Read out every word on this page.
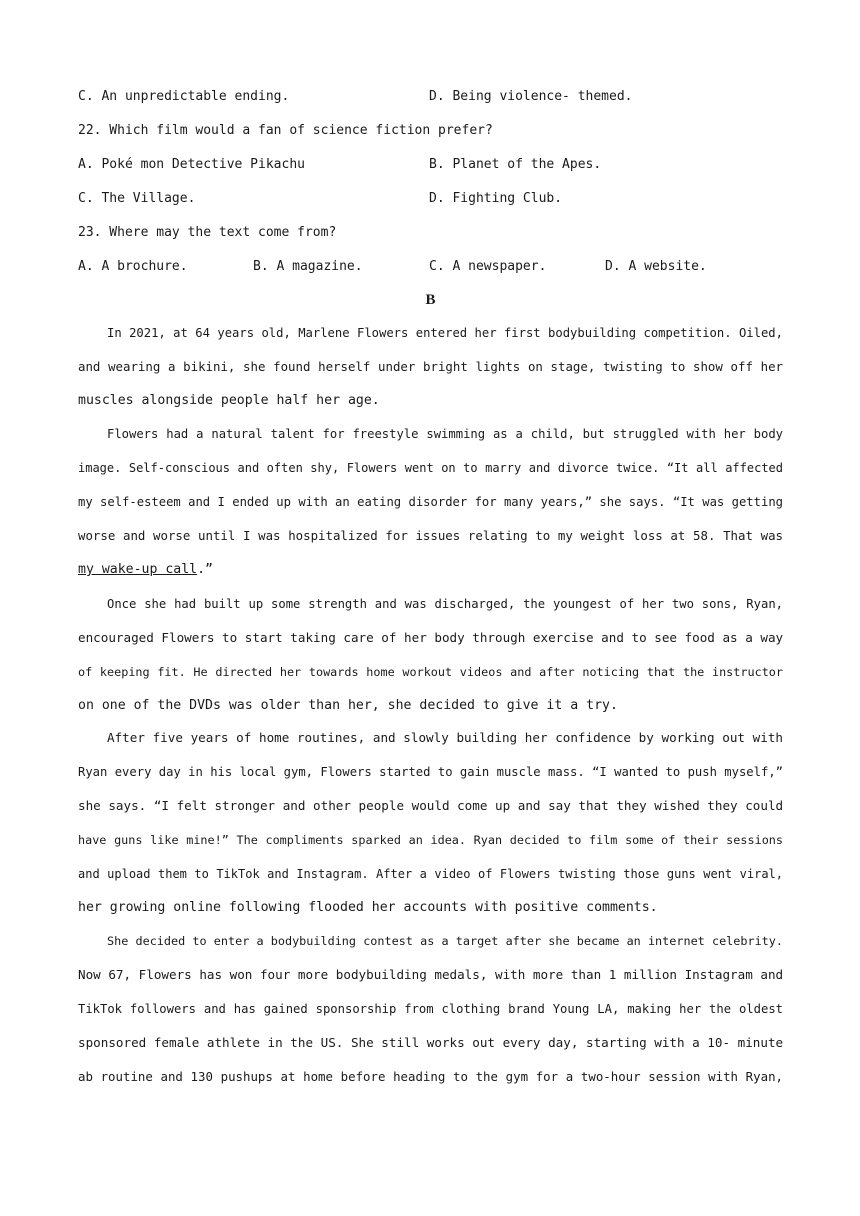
C. An unpredictable ending.	D. Being violence- themed.
22. Which film would a fan of science fiction prefer?
A. Poké mon Detective Pikachu	B. Planet of the Apes.
C. The Village.	D. Fighting Club.
23. Where may the text come from?
A. A brochure.	B. A magazine.	C. A newspaper.	D. A website.
B
In 2021, at 64 years old, Marlene Flowers entered her first bodybuilding competition. Oiled,
and wearing a bikini, she found herself under bright lights on stage, twisting to show off her
muscles alongside people half her age.
Flowers had a natural talent for freestyle swimming as a child, but struggled with her body
image. Self-conscious and often shy, Flowers went on to marry and divorce twice. “It all affected
my self-esteem and I ended up with an eating disorder for many years,” she says. “It was getting
worse and worse until I was hospitalized for issues relating to my weight loss at 58. That was
my wake-up call.”
Once she had built up some strength and was discharged, the youngest of her two sons, Ryan,
encouraged Flowers to start taking care of her body through exercise and to see food as a way
of keeping fit. He directed her towards home workout videos and after noticing that the instructor
on one of the DVDs was older than her, she decided to give it a try.
After five years of home routines, and slowly building her confidence by working out with
Ryan every day in his local gym, Flowers started to gain muscle mass. “I wanted to push myself,”
she says. “I felt stronger and other people would come up and say that they wished they could
have guns like mine!” The compliments sparked an idea. Ryan decided to film some of their sessions
and upload them to TikTok and Instagram. After a video of Flowers twisting those guns went viral,
her growing online following flooded her accounts with positive comments.
She decided to enter a bodybuilding contest as a target after she became an internet celebrity.
Now 67, Flowers has won four more bodybuilding medals, with more than 1 million Instagram and
TikTok followers and has gained sponsorship from clothing brand Young LA, making her the oldest
sponsored female athlete in the US. She still works out every day, starting with a 10- minute
ab routine and 130 pushups at home before heading to the gym for a two-hour session with Ryan,
